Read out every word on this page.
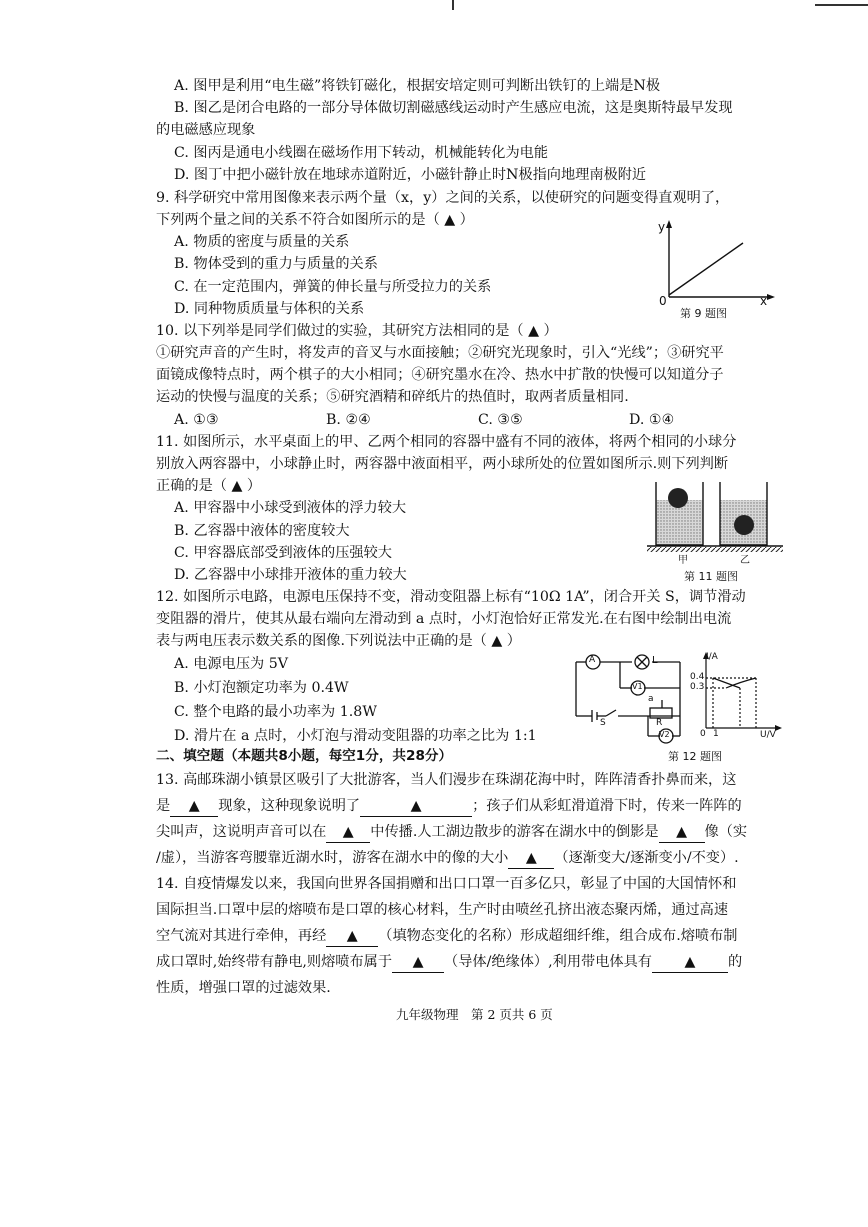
A. 图甲是利用“电生磁”将铁钉磁化，根据安培定则可判断出铁钉的上端是N极
B. 图乙是闭合电路的一部分导体做切割磁感线运动时产生感应电流，这是奥斯特最早发现
的电磁感应现象
C. 图丙是通电小线圈在磁场作用下转动，机械能转化为电能
D. 图丁中把小磁针放在地球赤道附近，小磁针静止时N极指向地理南极附近
9. 科学研究中常用图像来表示两个量（x，y）之间的关系，以使研究的问题变得直观明了，
下列两个量之间的关系不符合如图所示的是（ ▲ ）
A. 物质的密度与质量的关系
B. 物体受到的重力与质量的关系
C. 在一定范围内，弹簧的伸长量与所受拉力的关系
D. 同种物质质量与体积的关系
y
x
0
第 9 题图
10. 以下列举是同学们做过的实验，其研究方法相同的是（ ▲ ）
①研究声音的产生时，将发声的音叉与水面接触；②研究光现象时，引入“光线”；③研究平
面镜成像特点时，两个棋子的大小相同；④研究墨水在冷、热水中扩散的快慢可以知道分子
运动的快慢与温度的关系；⑤研究酒精和碎纸片的热值时，取两者质量相同.
A. ①③	B. ②④	C. ③⑤	D. ①④
11. 如图所示，水平桌面上的甲、乙两个相同的容器中盛有不同的液体，将两个相同的小球分
别放入两容器中，小球静止时，两容器中液面相平，两小球所处的位置如图所示.则下列判断
正确的是（ ▲ ）
A. 甲容器中小球受到液体的浮力较大
B. 乙容器中液体的密度较大
C. 甲容器底部受到液体的压强较大
D. 乙容器中小球排开液体的重力较大
甲	乙
第 11 题图
12. 如图所示电路，电源电压保持不变，滑动变阻器上标有“10Ω 1A”，闭合开关 S，调节滑动
变阻器的滑片，使其从最右端向左滑动到 a 点时，小灯泡恰好正常发光.在右图中绘制出电流
表与两电压表示数关系的图像.下列说法中正确的是（ ▲ ）
A. 电源电压为 5V
B. 小灯泡额定功率为 0.4W
C. 整个电路的最小功率为 1.8W
D. 滑片在 a 点时，小灯泡与滑动变阻器的功率之比为 1:1
A	L
V1
V2
S	R
a
I/A
U/V
0.4
0.3
0 1
第 12 题图
二、填空题（本题共8小题，每空1分，共28分）
13. 高邮珠湖小镇景区吸引了大批游客，当人们漫步在珠湖花海中时，阵阵清香扑鼻而来，这
是 ▲ 现象，这种现象说明了	▲	；孩子们从彩虹滑道滑下时，传来一阵阵的
尖叫声，这说明声音可以在 ▲ 中传播.人工湖边散步的游客在湖水中的倒影是 ▲ 像（实
/虚），当游客弯腰靠近湖水时，游客在湖水中的像的大小 ▲ （逐渐变大/逐渐变小/不变）.
14. 自疫情爆发以来，我国向世界各国捐赠和出口口罩一百多亿只，彰显了中国的大国情怀和
国际担当.口罩中层的熔喷布是口罩的核心材料，生产时由喷丝孔挤出液态聚丙烯，通过高速
空气流对其进行牵伸，再经 ▲ （填物态变化的名称）形成超细纤维，组合成布.熔喷布制
成口罩时,始终带有静电,则熔喷布属于 ▲ （导体/绝缘体）,利用带电体具有 ▲ 的
性质，增强口罩的过滤效果.
九年级物理　第 2 页共 6 页
